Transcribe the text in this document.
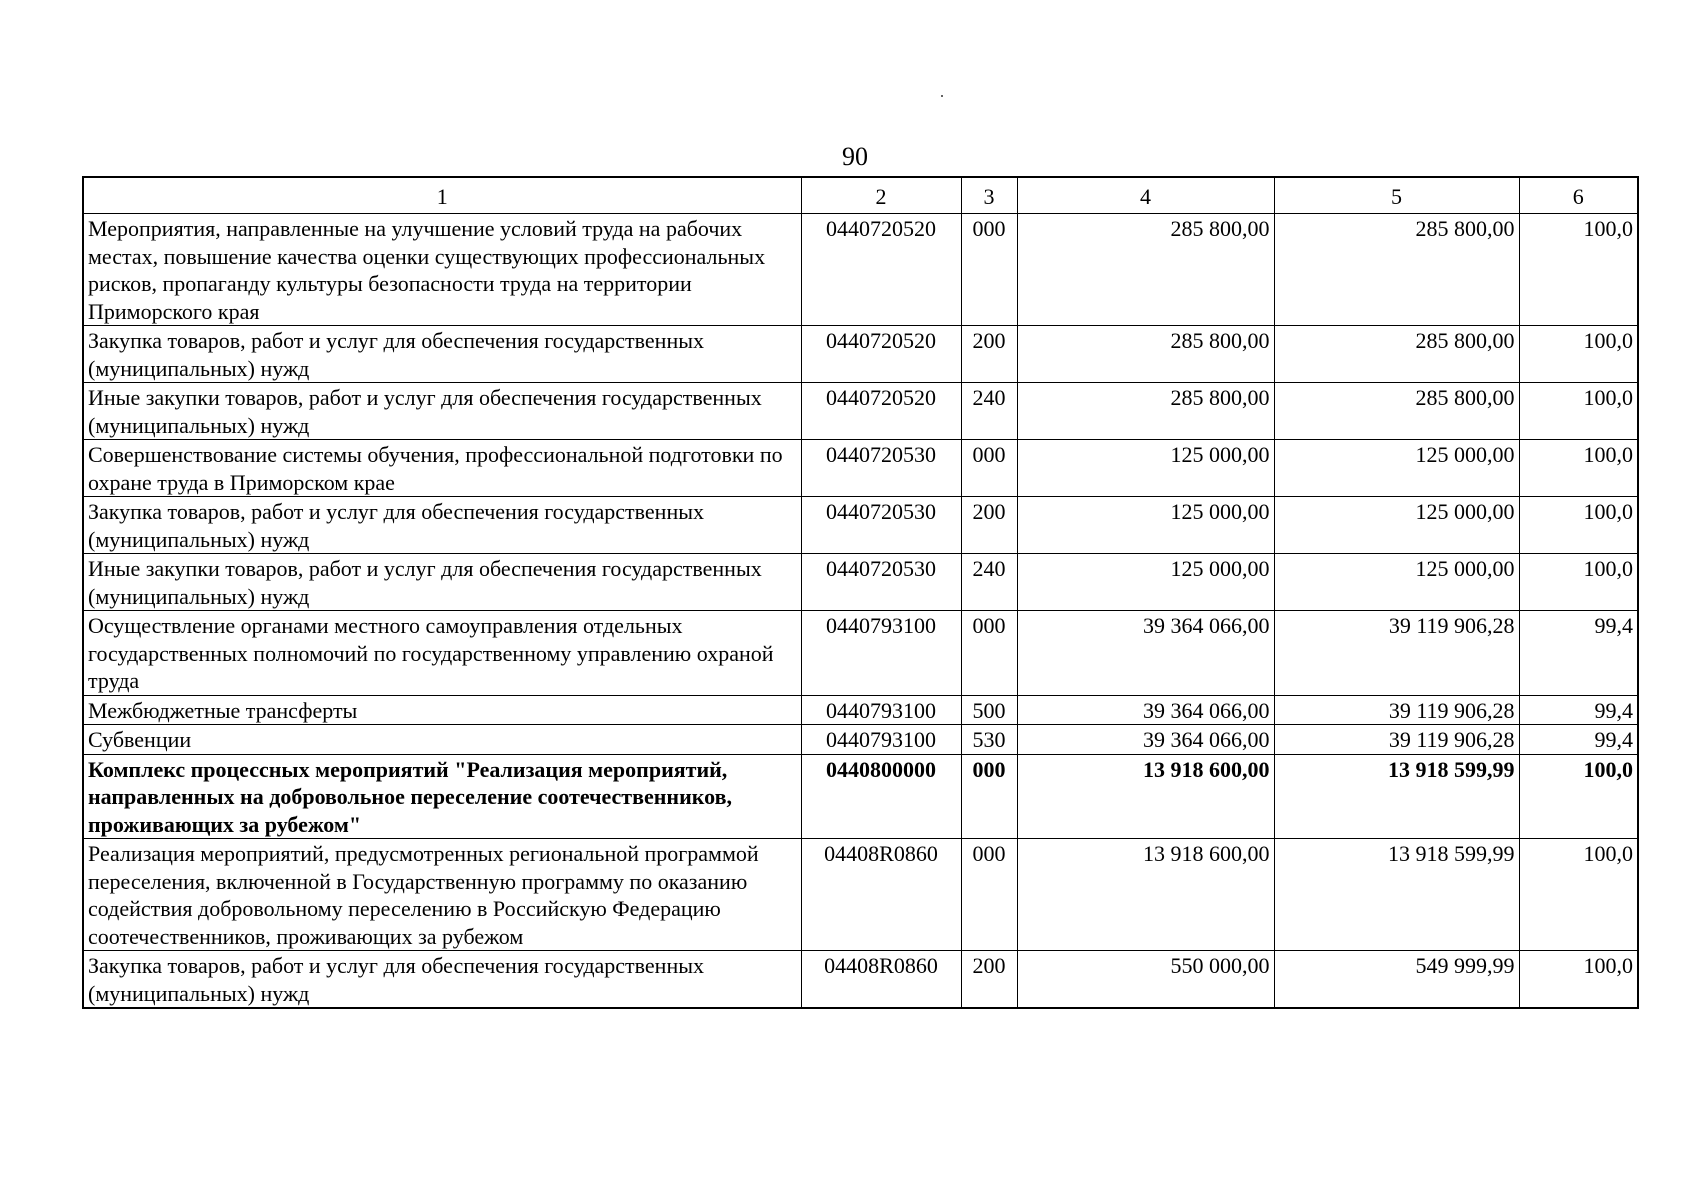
90
1	2	3	4	5	6
Мероприятия, направленные на улучшение условий труда на рабочих местах, повышение качества оценки существующих профессиональных рисков, пропаганду культуры безопасности труда на территории Приморского края	0440720520	000	285 800,00	285 800,00	100,0
Закупка товаров, работ и услуг для обеспечения государственных (муниципальных) нужд	0440720520	200	285 800,00	285 800,00	100,0
Иные закупки товаров, работ и услуг для обеспечения государственных (муниципальных) нужд	0440720520	240	285 800,00	285 800,00	100,0
Совершенствование системы обучения, профессиональной подготовки по охране труда в Приморском крае	0440720530	000	125 000,00	125 000,00	100,0
Закупка товаров, работ и услуг для обеспечения государственных (муниципальных) нужд	0440720530	200	125 000,00	125 000,00	100,0
Иные закупки товаров, работ и услуг для обеспечения государственных (муниципальных) нужд	0440720530	240	125 000,00	125 000,00	100,0
Осуществление органами местного самоуправления отдельных государственных полномочий по государственному управлению охраной труда	0440793100	000	39 364 066,00	39 119 906,28	99,4
Межбюджетные трансферты	0440793100	500	39 364 066,00	39 119 906,28	99,4
Субвенции	0440793100	530	39 364 066,00	39 119 906,28	99,4
Комплекс процессных мероприятий "Реализация мероприятий, направленных на добровольное переселение соотечественников, проживающих за рубежом"	0440800000	000	13 918 600,00	13 918 599,99	100,0
Реализация мероприятий, предусмотренных региональной программой переселения, включенной в Государственную программу по оказанию содействия добровольному переселению в Российскую Федерацию соотечественников, проживающих за рубежом	04408R0860	000	13 918 600,00	13 918 599,99	100,0
Закупка товаров, работ и услуг для обеспечения государственных (муниципальных) нужд	04408R0860	200	550 000,00	549 999,99	100,0
